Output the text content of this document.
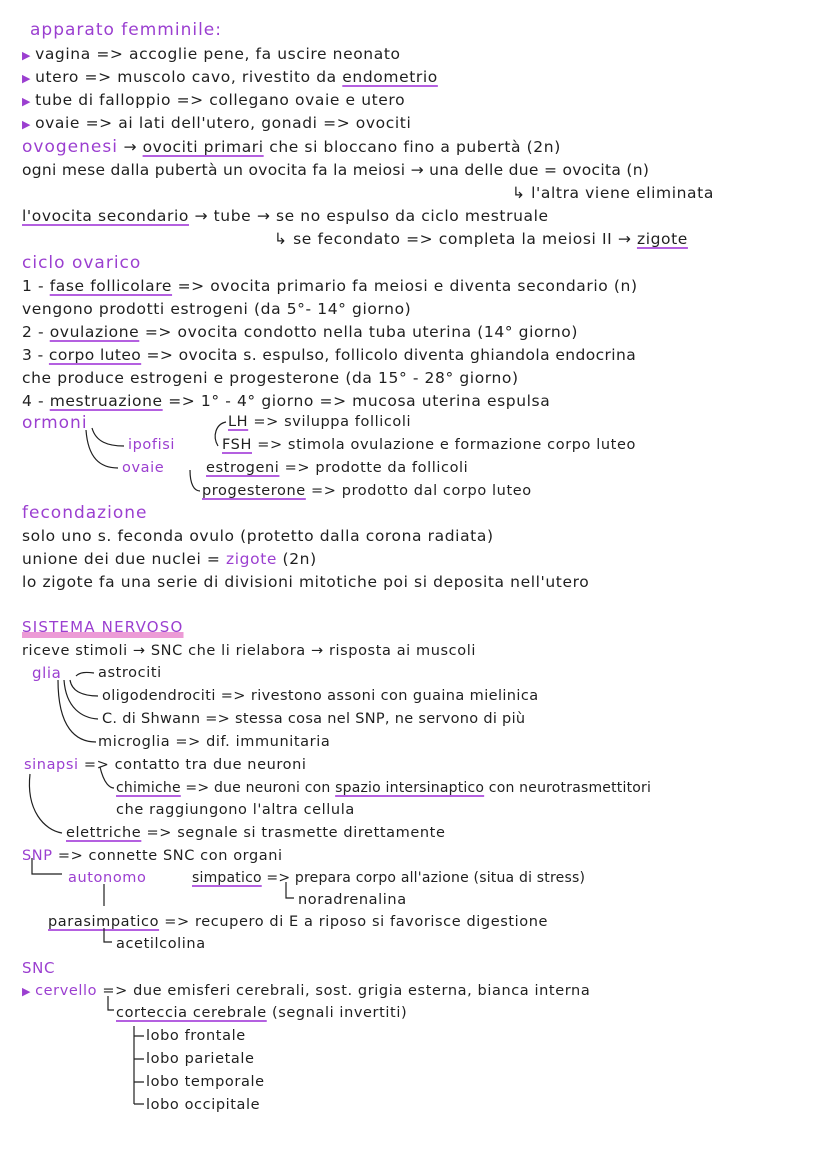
apparato femminile:
▶ vagina => accoglie pene, fa uscire neonato
▶ utero => muscolo cavo, rivestito da endometrio
▶ tube di falloppio => collegano ovaie e utero
▶ ovaie => ai lati dell'utero, gonadi => ovociti
ovogenesi → ovociti primari che si bloccano fino a pubertà (2n)
ogni mese dalla pubertà un ovocita fa la meiosi → una delle due = ovocita (n)
↳ l'altra viene eliminata
l'ovocita secondario → tube → se no espulso da ciclo mestruale
↳ se fecondato => completa la meiosi II → zigote
ciclo ovarico
1 - fase follicolare => ovocita primario fa meiosi e diventa secondario (n)
vengono prodotti estrogeni (da 5°- 14° giorno)
2 - ovulazione => ovocita condotto nella tuba uterina (14° giorno)
3 - corpo luteo => ovocita s. espulso, follicolo diventa ghiandola endocrina
che produce estrogeni e progesterone (da 15° - 28° giorno)
4 - mestruazione => 1° - 4° giorno => mucosa uterina espulsa
ormoni	LH => sviluppa follicoli
ipofisi	FSH => stimola ovulazione e formazione corpo luteo
ovaie	estrogeni => prodotte da follicoli
progesterone => prodotto dal corpo luteo
fecondazione
solo uno s. feconda ovulo (protetto dalla corona radiata)
unione dei due nuclei = zigote (2n)
lo zigote fa una serie di divisioni mitotiche poi si deposita nell'utero
SISTEMA NERVOSO
riceve stimoli → SNC che li rielabora → risposta ai muscoli
glia	astrociti
oligodendrociti => rivestono assoni con guaina mielinica
C. di Shwann => stessa cosa nel SNP, ne servono di più
microglia => dif. immunitaria
sinapsi => contatto tra due neuroni
chimiche => due neuroni con spazio intersinaptico con neurotrasmettitori
che raggiungono l'altra cellula
elettriche => segnale si trasmette direttamente
SNP => connette SNC con organi
autonomo	simpatico => prepara corpo all'azione (situa di stress)
noradrenalina
parasimpatico => recupero di E a riposo si favorisce digestione
acetilcolina
SNC
▶ cervello => due emisferi cerebrali, sost. grigia esterna, bianca interna
corteccia cerebrale (segnali invertiti)
lobo frontale
lobo parietale
lobo temporale
lobo occipitale
